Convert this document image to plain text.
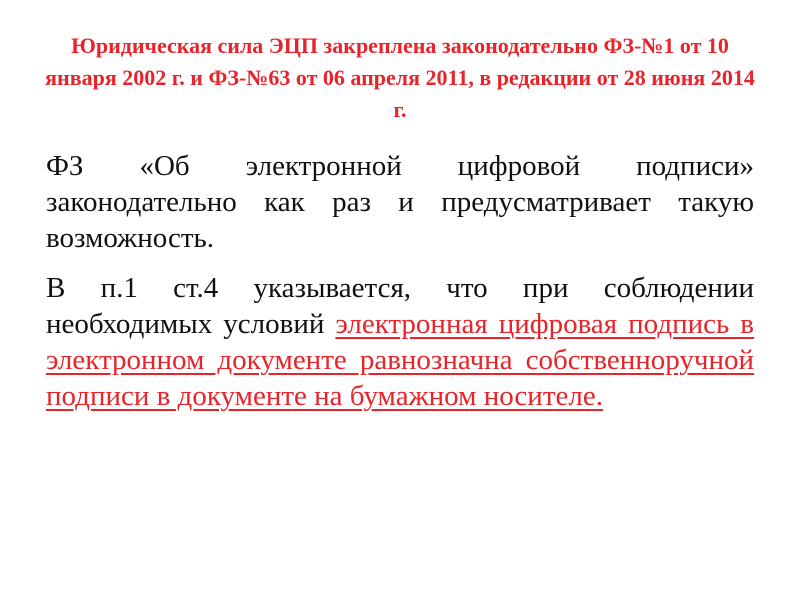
Юридическая сила ЭЦП закреплена законодательно ФЗ-№1 от 10 января 2002 г. и ФЗ-№63 от 06 апреля 2011, в редакции от 28 июня 2014 г.

ФЗ «Об электронной цифровой подписи» законодательно как раз и предусматривает такую возможность.

В п.1 ст.4 указывается, что при соблюдении необходимых условий электронная цифровая подпись в электронном документе равнозначна собственноручной подписи в документе на бумажном носителе.
